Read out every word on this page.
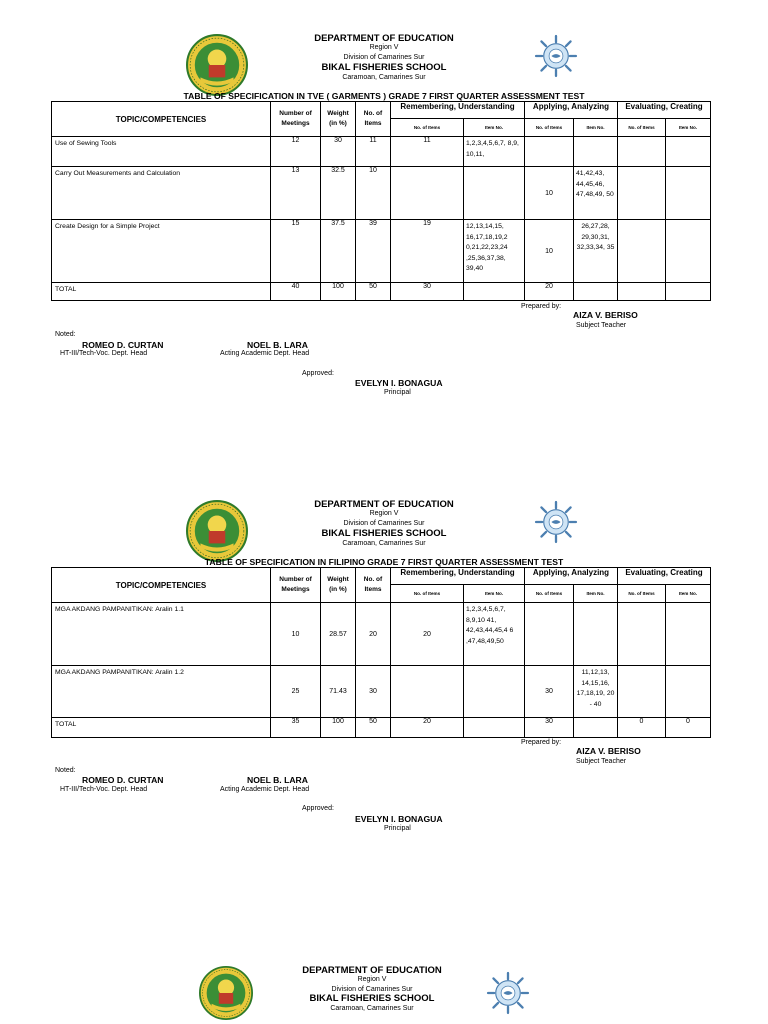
DEPARTMENT OF EDUCATION
Region V
Division of Camarines Sur
BIKAL FISHERIES SCHOOL
Caramoan, Camarines Sur
TABLE OF SPECIFICATION IN TVE ( GARMENTS ) GRADE 7 FIRST QUARTER ASSESSMENT TEST
TOPIC/COMPETENCIES	Number of Meetings	Weight (in %)	No. of Items	Remembering, Understanding		Applying, Analyzing		Evaluating, Creating	
				No. of Items	Item No.	No. of Items	Item No.	No. of Items	Item No.
Use of Sewing Tools	12	30	11	11	1,2,3,4,5,6,7, 8,9, 10,11,				
Carry Out Measurements and Calculation	13	32.5	10			10	41,42,43, 44,45,46, 47,48,49, 50		
Create Design for a Simple Project	15	37.5	39	19	12,13,14,15, 16,17,18,19,2 0,21,22,23,24 ,25,36,37,38, 39,40	10	26,27,28, 29,30,31, 32,33,34, 35		
TOTAL	40	100	50	30		20			
Prepared by:
AIZA V. BERISO
Subject Teacher
Noted:
ROMEO D. CURTAN
HT-III/Tech-Voc. Dept. Head
NOEL B. LARA
Acting Academic Dept. Head
Approved:
EVELYN I. BONAGUA
Principal
DEPARTMENT OF EDUCATION
Region V
Division of Camarines Sur
BIKAL FISHERIES SCHOOL
Caramoan, Camarines Sur
TABLE OF SPECIFICATION IN FILIPINO GRADE 7 FIRST QUARTER ASSESSMENT TEST
TOPIC/COMPETENCIES	Number of Meetings	Weight (in %)	No. of Items	Remembering, Understanding		Applying, Analyzing		Evaluating, Creating	
				No. of Items	Item No.	No. of Items	Item No.	No. of Items	Item No.
MGA AKDANG PAMPANITIKAN: Aralin 1.1	10	28.57	20	20	1,2,3,4,5,6,7, 8,9,10 41, 42,43,44,45,4 6 ,47,48,49,50				
MGA AKDANG PAMPANITIKAN: Aralin 1.2	25	71.43	30			30	11,12,13, 14,15,16, 17,18,19, 20 - 40		
TOTAL	35	100	50	20		30		0	0
Prepared by:
AIZA V. BERISO
Subject Teacher
Noted:
ROMEO D. CURTAN
HT-III/Tech-Voc. Dept. Head
NOEL B. LARA
Acting Academic Dept. Head
Approved:
EVELYN I. BONAGUA
Principal
DEPARTMENT OF EDUCATION
Region V
Division of Camarines Sur
BIKAL FISHERIES SCHOOL
Caramoan, Camarines Sur
